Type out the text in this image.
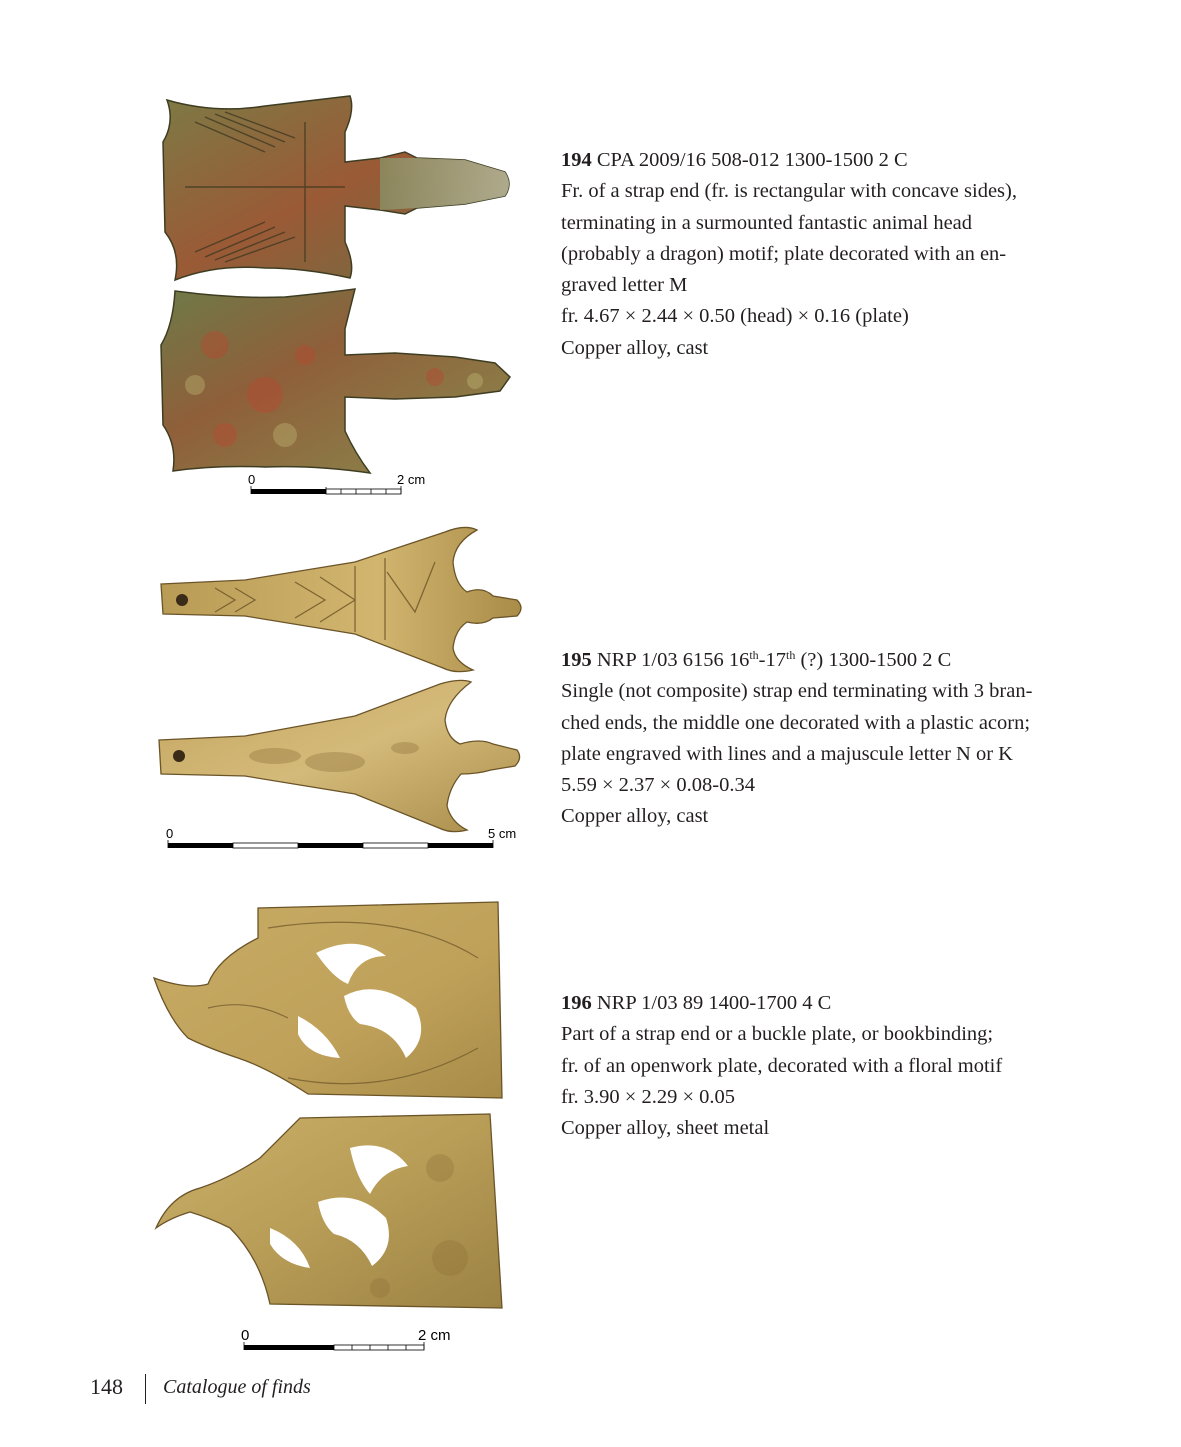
0	2 cm

194 CPA 2009/16 508-012 1300-1500 2 C

Fr. of a strap end (fr. is rectangular with concave sides),

terminating in a surmounted fantastic animal head

(probably a dragon) motif; plate decorated with an en-

graved letter M

fr. 4.67 × 2.44 × 0.50 (head) × 0.16 (plate)

Copper alloy, cast

0	5 cm

195 NRP 1/03 6156 16th-17th (?) 1300-1500 2 C

Single (not composite) strap end terminating with 3 bran-

ched ends, the middle one decorated with a plastic acorn;

plate engraved with lines and a majuscule letter N or K

5.59 × 2.37 × 0.08-0.34

Copper alloy, cast

0	2 cm

196 NRP 1/03 89 1400-1700 4 C

Part of a strap end or a buckle plate, or bookbinding;

fr. of an openwork plate, decorated with a floral motif

fr. 3.90 × 2.29 × 0.05

Copper alloy, sheet metal

148 Catalogue of finds
